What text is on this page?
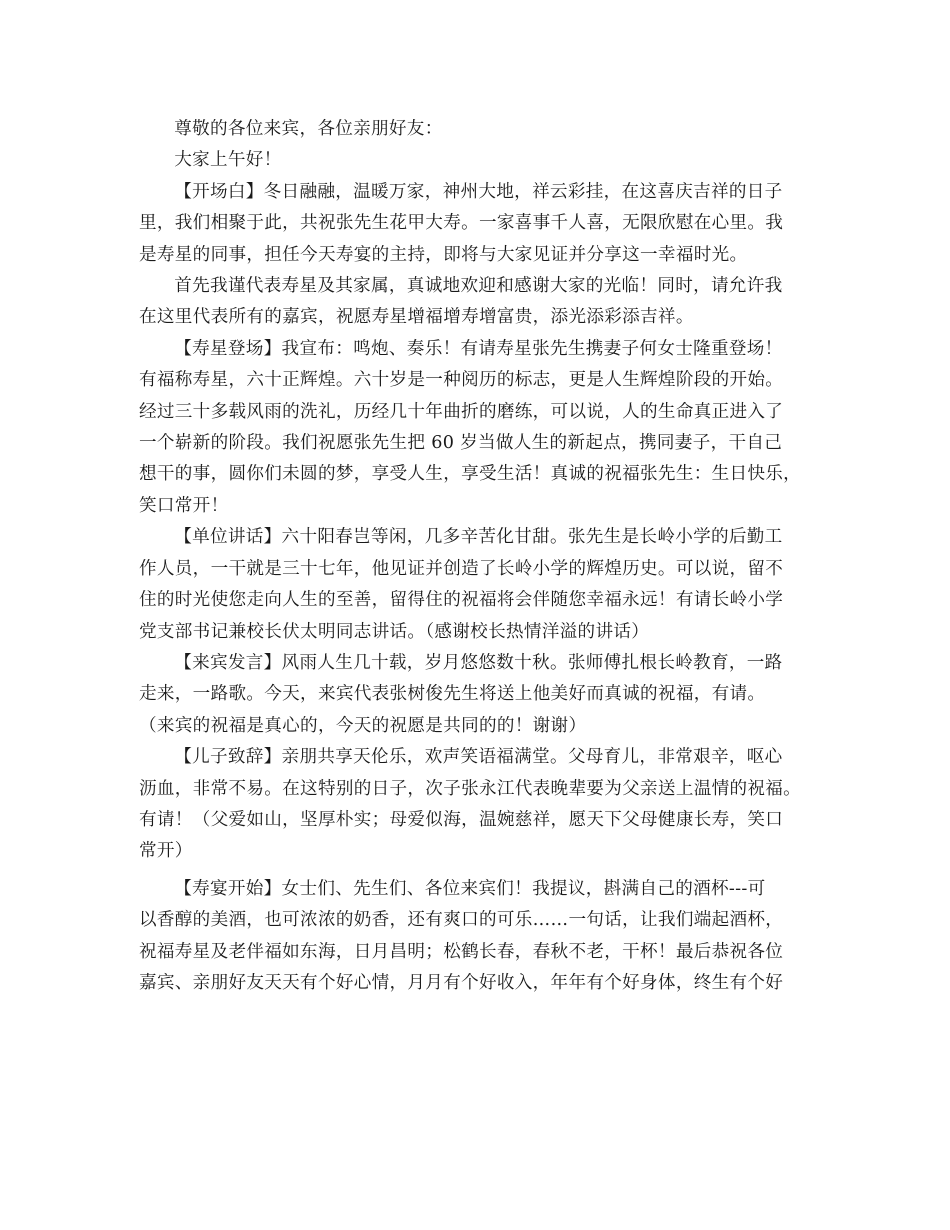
尊敬的各位来宾，各位亲朋好友：

大家上午好！

【开场白】冬日融融，温暖万家，神州大地，祥云彩挂，在这喜庆吉祥的日子
里，我们相聚于此，共祝张先生花甲大寿。一家喜事千人喜，无限欣慰在心里。我
是寿星的同事，担任今天寿宴的主持，即将与大家见证并分享这一幸福时光。

首先我谨代表寿星及其家属，真诚地欢迎和感谢大家的光临！同时，请允许我
在这里代表所有的嘉宾，祝愿寿星增福增寿增富贵，添光添彩添吉祥。

【寿星登场】我宣布：鸣炮、奏乐！有请寿星张先生携妻子何女士隆重登场！
有福称寿星，六十正辉煌。六十岁是一种阅历的标志，更是人生辉煌阶段的开始。
经过三十多载风雨的洗礼，历经几十年曲折的磨练，可以说，人的生命真正进入了
一个崭新的阶段。我们祝愿张先生把 60 岁当做人生的新起点，携同妻子，干自己
想干的事，圆你们未圆的梦，享受人生，享受生活！真诚的祝福张先生：生日快乐，
笑口常开！

【单位讲话】六十阳春岂等闲，几多辛苦化甘甜。张先生是长岭小学的后勤工
作人员，一干就是三十七年，他见证并创造了长岭小学的辉煌历史。可以说，留不
住的时光使您走向人生的至善，留得住的祝福将会伴随您幸福永远！有请长岭小学
党支部书记兼校长伏太明同志讲话。（感谢校长热情洋溢的讲话）

【来宾发言】风雨人生几十载，岁月悠悠数十秋。张师傅扎根长岭教育，一路
走来，一路歌。今天，来宾代表张树俊先生将送上他美好而真诚的祝福，有请。
（来宾的祝福是真心的，今天的祝愿是共同的的！谢谢）

【儿子致辞】亲朋共享天伦乐，欢声笑语福满堂。父母育儿，非常艰辛，呕心
沥血，非常不易。在这特别的日子，次子张永江代表晚辈要为父亲送上温情的祝福。
有请！（父爱如山，坚厚朴实；母爱似海，温婉慈祥，愿天下父母健康长寿，笑口
常开）

【寿宴开始】女士们、先生们、各位来宾们！我提议，斟满自己的酒杯---可
以香醇的美酒，也可浓浓的奶香，还有爽口的可乐……一句话，让我们端起酒杯，
祝福寿星及老伴福如东海，日月昌明；松鹤长春，春秋不老，干杯！最后恭祝各位
嘉宾、亲朋好友天天有个好心情，月月有个好收入，年年有个好身体，终生有个好
